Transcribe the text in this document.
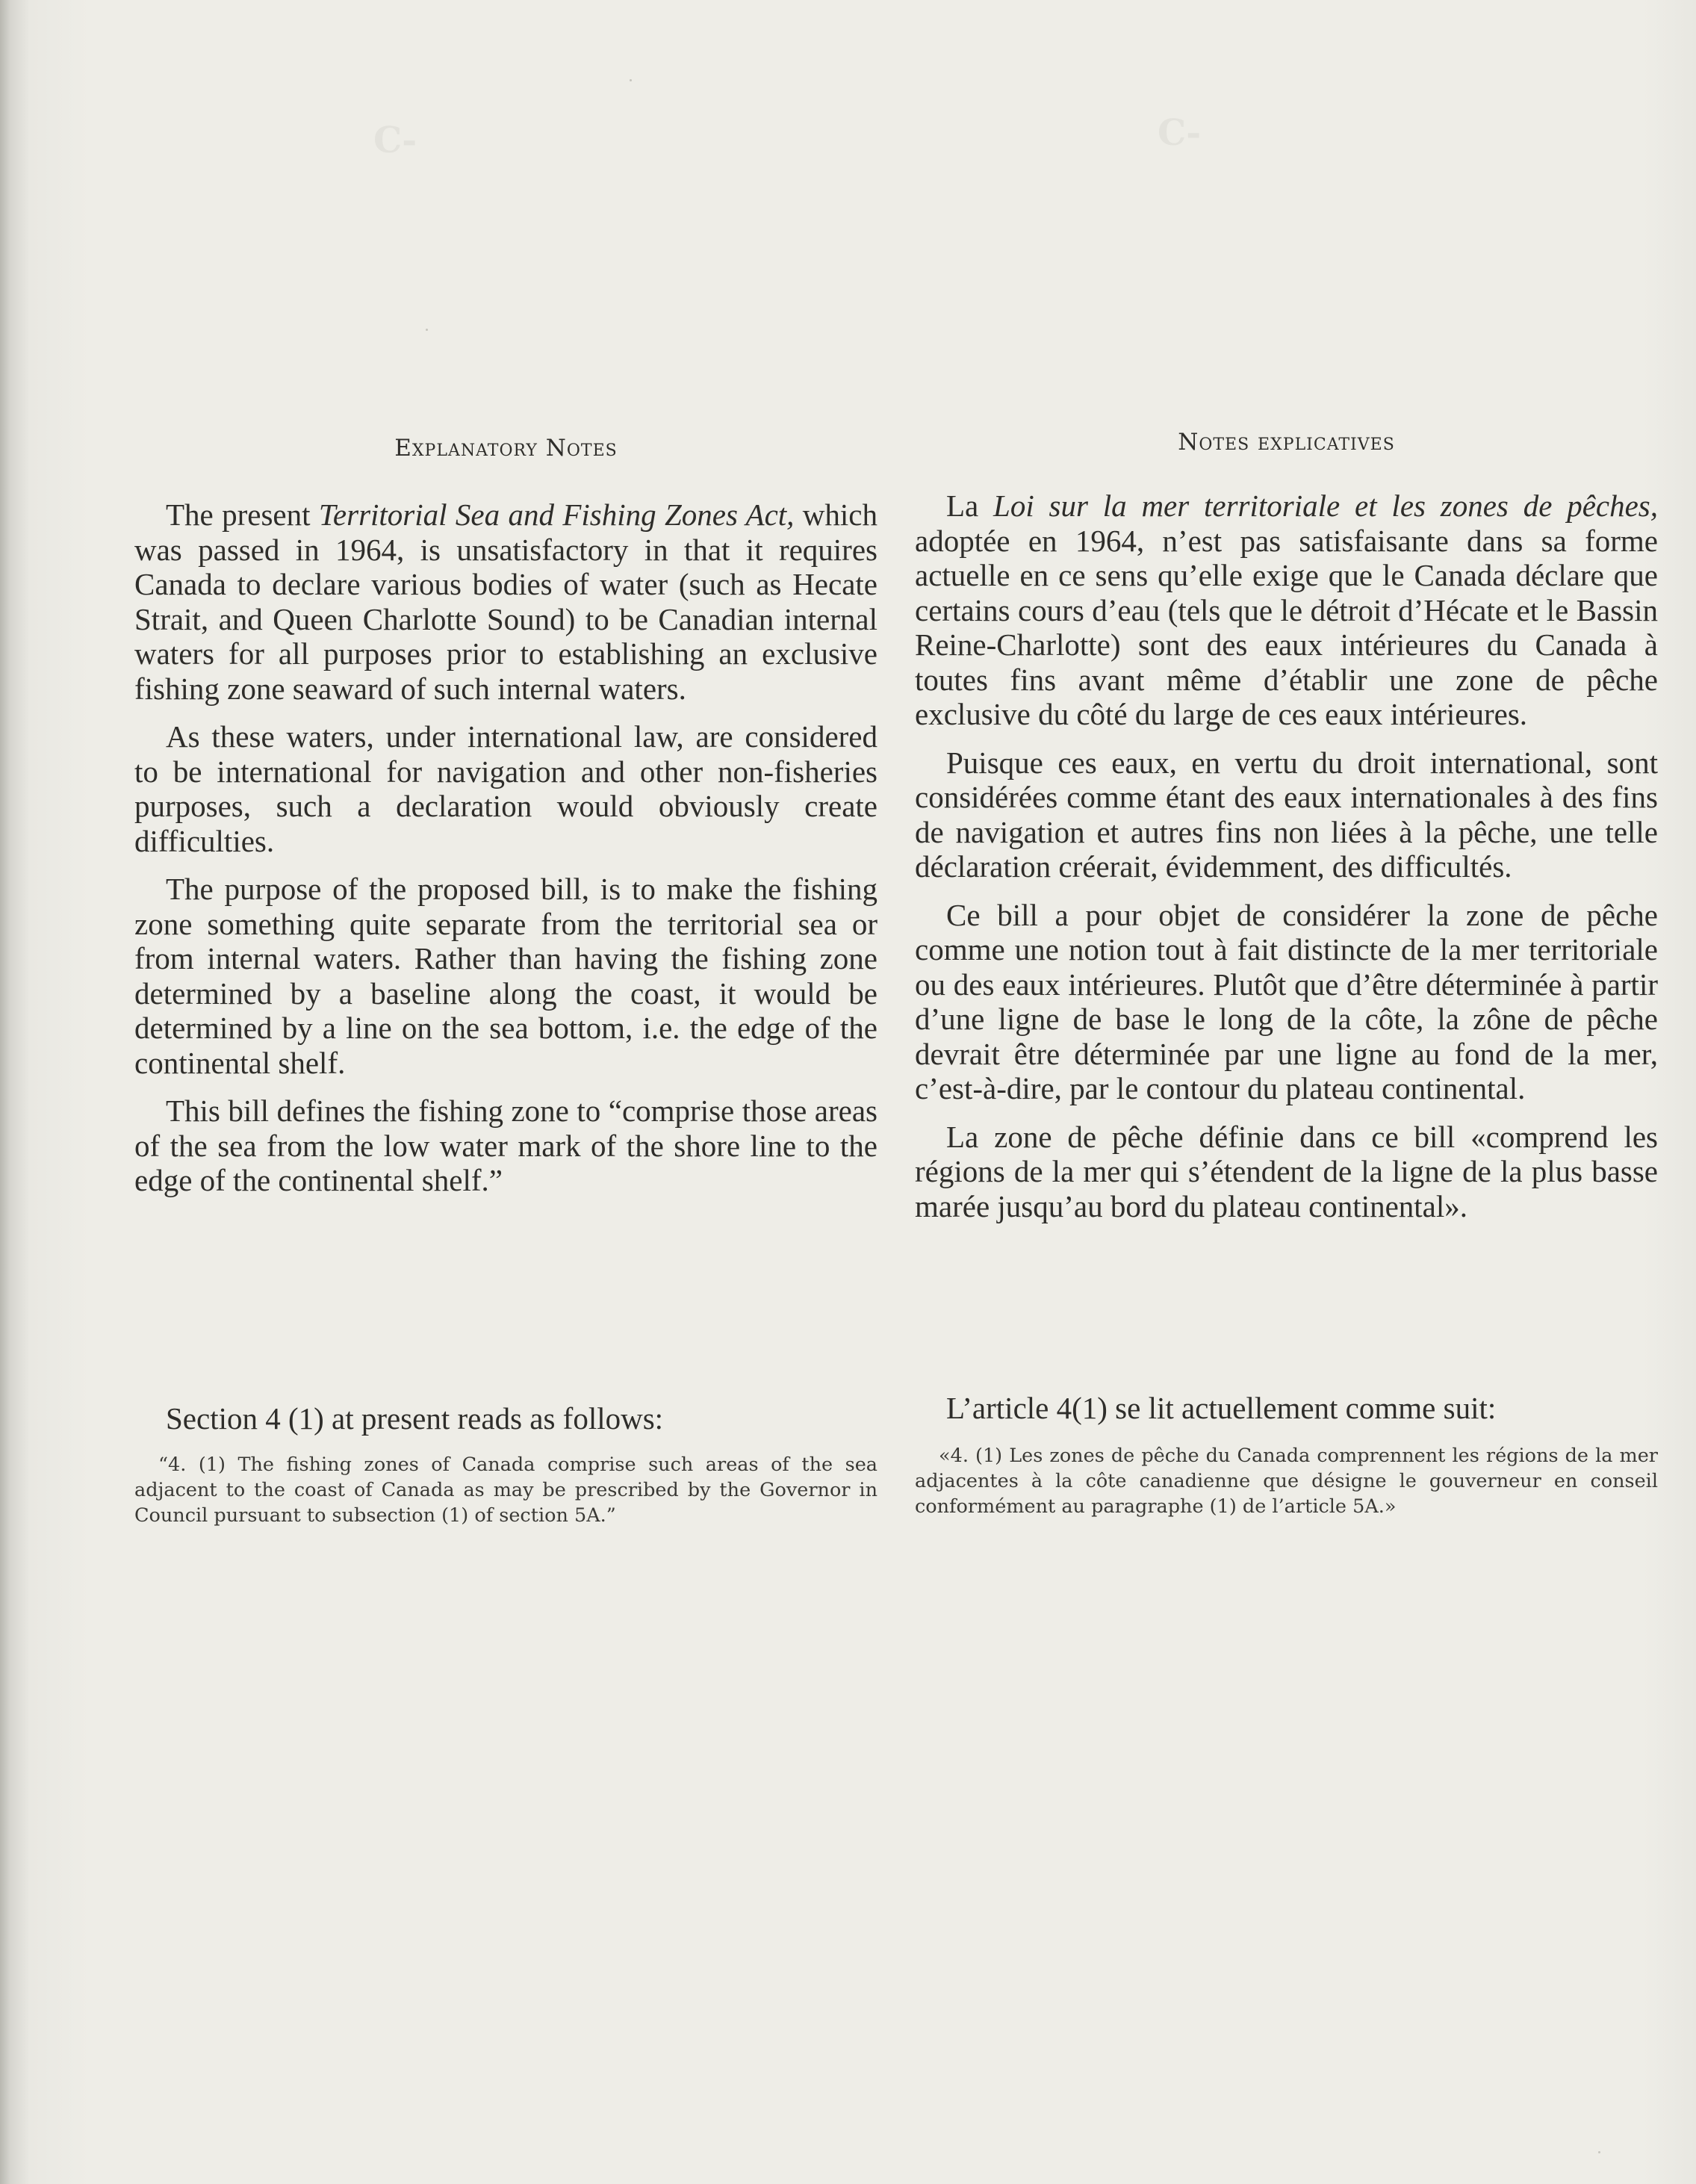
C-	C-
Explanatory Notes

The present Territorial Sea and Fishing Zones Act, which was passed in 1964, is unsatisfactory in that it requires Canada to declare various bodies of water (such as Hecate Strait, and Queen Charlotte Sound) to be Canadian internal waters for all purposes prior to establishing an exclusive fishing zone seaward of such internal waters.

As these waters, under international law, are considered to be international for navigation and other non-fisheries purposes, such a declaration would obviously create difficulties.

The purpose of the proposed bill, is to make the fishing zone something quite separate from the territorial sea or from internal waters. Rather than having the fishing zone determined by a baseline along the coast, it would be determined by a line on the sea bottom, i.e. the edge of the continental shelf.

This bill defines the fishing zone to “comprise those areas of the sea from the low water mark of the shore line to the edge of the continental shelf.”

Section 4 (1) at present reads as follows:
“4. (1) The fishing zones of Canada comprise such areas of the sea adjacent to the coast of Canada as may be prescribed by the Governor in Council pursuant to subsection (1) of section 5A.”
Notes explicatives

La Loi sur la mer territoriale et les zones de pêches, adoptée en 1964, n’est pas satisfaisante dans sa forme actuelle en ce sens qu’elle exige que le Canada déclare que certains cours d’eau (tels que le détroit d’Hécate et le Bassin Reine-Charlotte) sont des eaux intérieures du Canada à toutes fins avant même d’établir une zone de pêche exclusive du côté du large de ces eaux intérieures.

Puisque ces eaux, en vertu du droit international, sont considérées comme étant des eaux internationales à des fins de navigation et autres fins non liées à la pêche, une telle déclaration créerait, évidemment, des difficultés.

Ce bill a pour objet de considérer la zone de pêche comme une notion tout à fait distincte de la mer territoriale ou des eaux intérieures. Plutôt que d’être déterminée à partir d’une ligne de base le long de la côte, la zône de pêche devrait être déterminée par une ligne au fond de la mer, c’est-à-dire, par le contour du plateau continental.

La zone de pêche définie dans ce bill «comprend les régions de la mer qui s’étendent de la ligne de la plus basse marée jusqu’au bord du plateau continental».

L’article 4(1) se lit actuellement comme suit:
«4. (1) Les zones de pêche du Canada comprennent les régions de la mer adjacentes à la côte canadienne que désigne le gouverneur en conseil conformément au paragraphe (1) de l’article 5A.»
